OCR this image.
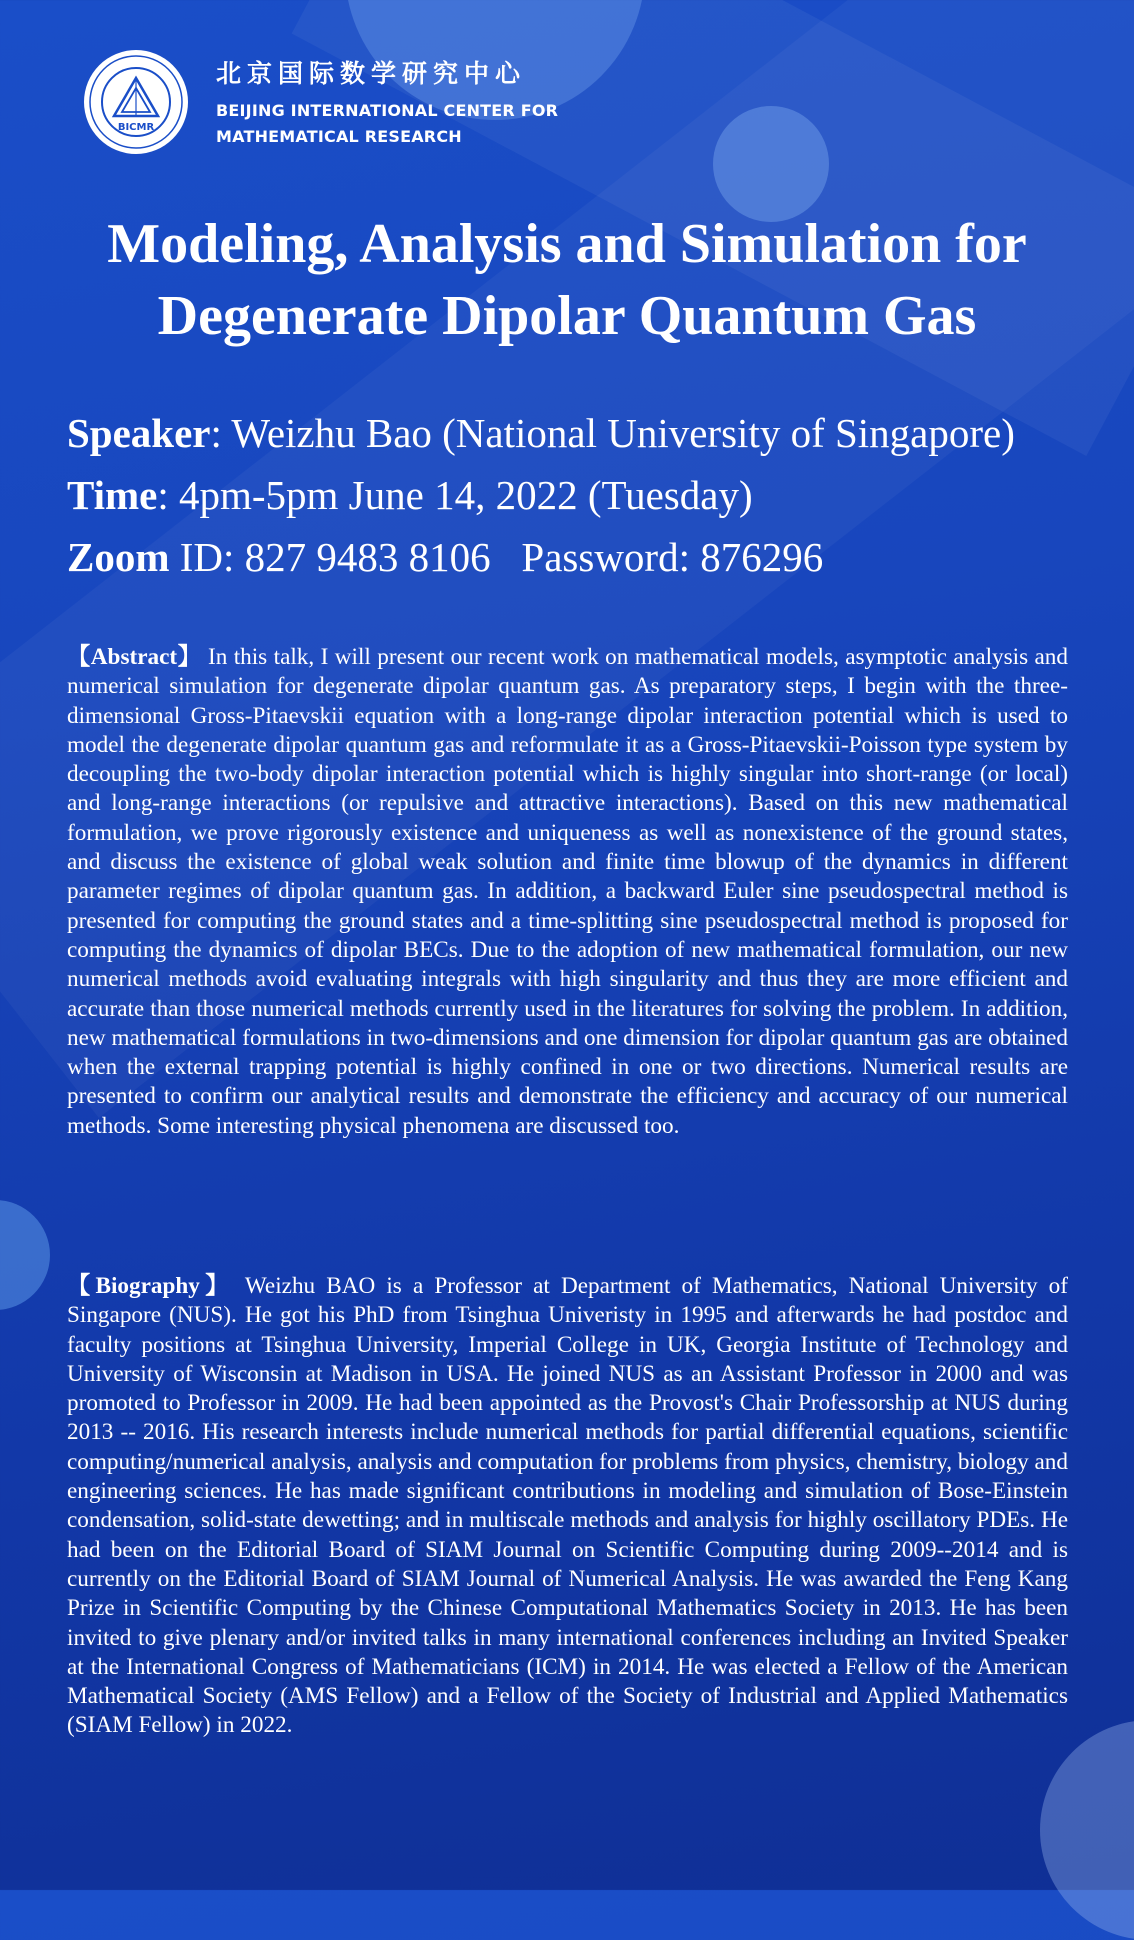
BICMR
北京国际数学研究中心
BEIJING INTERNATIONAL CENTER FOR
MATHEMATICAL RESEARCH
Modeling, Analysis and Simulation for
Degenerate Dipolar Quantum Gas
Speaker: Weizhu Bao (National University of Singapore)
Time: 4pm-5pm June 14, 2022 (Tuesday)
Zoom ID: 827 9483 8106   Password: 876296
【Abstract】 In this talk, I will present our recent work on mathematical models, asymptotic analysis and numerical simulation for degenerate dipolar quantum gas. As preparatory steps, I begin with the three-dimensional Gross-Pitaevskii equation with a long-range dipolar interaction potential which is used to model the degenerate dipolar quantum gas and reformulate it as a Gross-Pitaevskii-Poisson type system by decoupling the two-body dipolar interaction potential which is highly singular into short-range (or local) and long-range interactions (or repulsive and attractive interactions). Based on this new mathematical formulation, we prove rigorously existence and uniqueness as well as nonexistence of the ground states, and discuss the existence of global weak solution and finite time blowup of the dynamics in different parameter regimes of dipolar quantum gas. In addition, a backward Euler sine pseudospectral method is presented for computing the ground states and a time-splitting sine pseudospectral method is proposed for computing the dynamics of dipolar BECs. Due to the adoption of new mathematical formulation, our new numerical methods avoid evaluating integrals with high singularity and thus they are more efficient and accurate than those numerical methods currently used in the literatures for solving the problem. In addition, new mathematical formulations in two-dimensions and one dimension for dipolar quantum gas are obtained when the external trapping potential is highly confined in one or two directions. Numerical results are presented to confirm our analytical results and demonstrate the efficiency and accuracy of our numerical methods. Some interesting physical phenomena are discussed too.
【Biography】 Weizhu BAO is a Professor at Department of Mathematics, National University of Singapore (NUS). He got his PhD from Tsinghua Univeristy in 1995 and afterwards he had postdoc and faculty positions at Tsinghua University, Imperial College in UK, Georgia Institute of Technology and University of Wisconsin at Madison in USA. He joined NUS as an Assistant Professor in 2000 and was promoted to Professor in 2009. He had been appointed as the Provost's Chair Professorship at NUS during 2013 -- 2016. His research interests include numerical methods for partial differential equations, scientific computing/numerical analysis, analysis and computation for problems from physics, chemistry, biology and engineering sciences. He has made significant contributions in modeling and simulation of Bose-Einstein condensation, solid-state dewetting; and in multiscale methods and analysis for highly oscillatory PDEs. He had been on the Editorial Board of SIAM Journal on Scientific Computing during 2009--2014 and is currently on the Editorial Board of SIAM Journal of Numerical Analysis. He was awarded the Feng Kang Prize in Scientific Computing by the Chinese Computational Mathematics Society in 2013. He has been invited to give plenary and/or invited talks in many international conferences including an Invited Speaker at the International Congress of Mathematicians (ICM) in 2014. He was elected a Fellow of the American Mathematical Society (AMS Fellow) and a Fellow of the Society of Industrial and Applied Mathematics (SIAM Fellow) in 2022.
